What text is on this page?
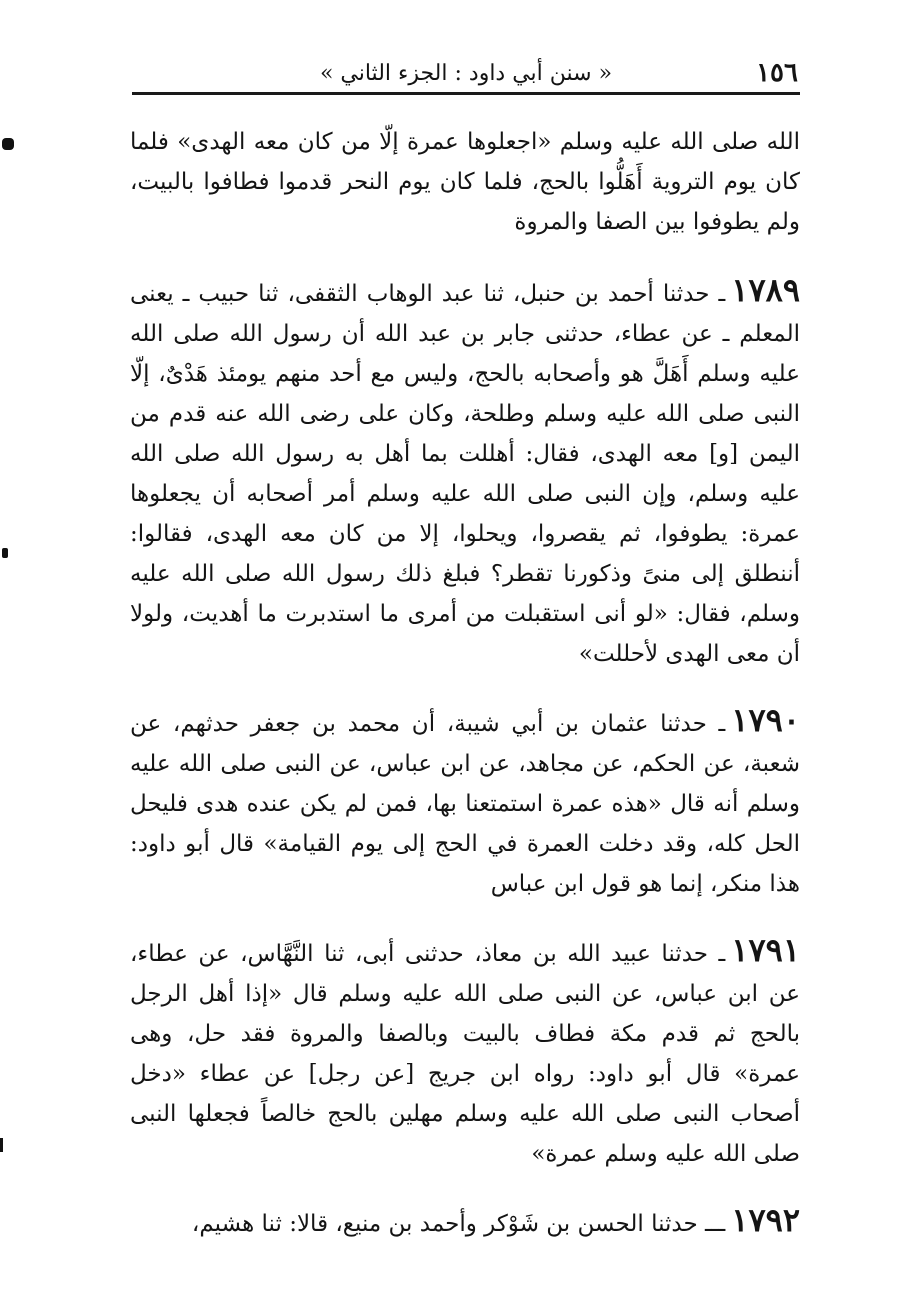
١٥٦
« سنن أبي داود : الجزء الثاني »

الله صلى الله عليه وسلم «اجعلوها عمرة إلّا من كان معه الهدى» فلما كان يوم التروية أَهَلُّوا بالحج، فلما كان يوم النحر قدموا فطافوا بالبيت، ولم يطوفوا بين الصفا والمروة

١٧٨٩ـ حدثنا أحمد بن حنبل، ثنا عبد الوهاب الثقفى، ثنا حبيب ـ يعنى المعلم ـ عن عطاء، حدثنى جابر بن عبد الله أن رسول الله صلى الله عليه وسلم أَهَلَّ هو وأصحابه بالحج، وليس مع أحد منهم يومئذ هَدْىٌ، إلّا النبى صلى الله عليه وسلم وطلحة، وكان على رضى الله عنه قدم من اليمن [و] معه الهدى، فقال: أهللت بما أهل به رسول الله صلى الله عليه وسلم، وإن النبى صلى الله عليه وسلم أمر أصحابه أن يجعلوها عمرة: يطوفوا، ثم يقصروا، ويحلوا، إلا من كان معه الهدى، فقالوا: أننطلق إلى منىً وذكورنا تقطر؟ فبلغ ذلك رسول الله صلى الله عليه وسلم، فقال: «لو أنى استقبلت من أمرى ما استدبرت ما أهديت، ولولا أن معى الهدى لأحللت»

١٧٩٠ـ حدثنا عثمان بن أبي شيبة، أن محمد بن جعفر حدثهم، عن شعبة، عن الحكم، عن مجاهد، عن ابن عباس، عن النبى صلى الله عليه وسلم أنه قال «هذه عمرة استمتعنا بها، فمن لم يكن عنده هدى فليحل الحل كله، وقد دخلت العمرة في الحج إلى يوم القيامة» قال أبو داود: هذا منكر، إنما هو قول ابن عباس

١٧٩١ـ حدثنا عبيد الله بن معاذ، حدثنى أبى، ثنا النَّهَّاس، عن عطاء، عن ابن عباس، عن النبى صلى الله عليه وسلم قال «إذا أهل الرجل بالحج ثم قدم مكة فطاف بالبيت وبالصفا والمروة فقد حل، وهى عمرة» قال أبو داود: رواه ابن جريج [عن رجل] عن عطاء «دخل أصحاب النبى صلى الله عليه وسلم مهلين بالحج خالصاً فجعلها النبى صلى الله عليه وسلم عمرة»

١٧٩٢ـــ حدثنا الحسن بن شَوْكر وأحمد بن منيع، قالا: ثنا هشيم،
